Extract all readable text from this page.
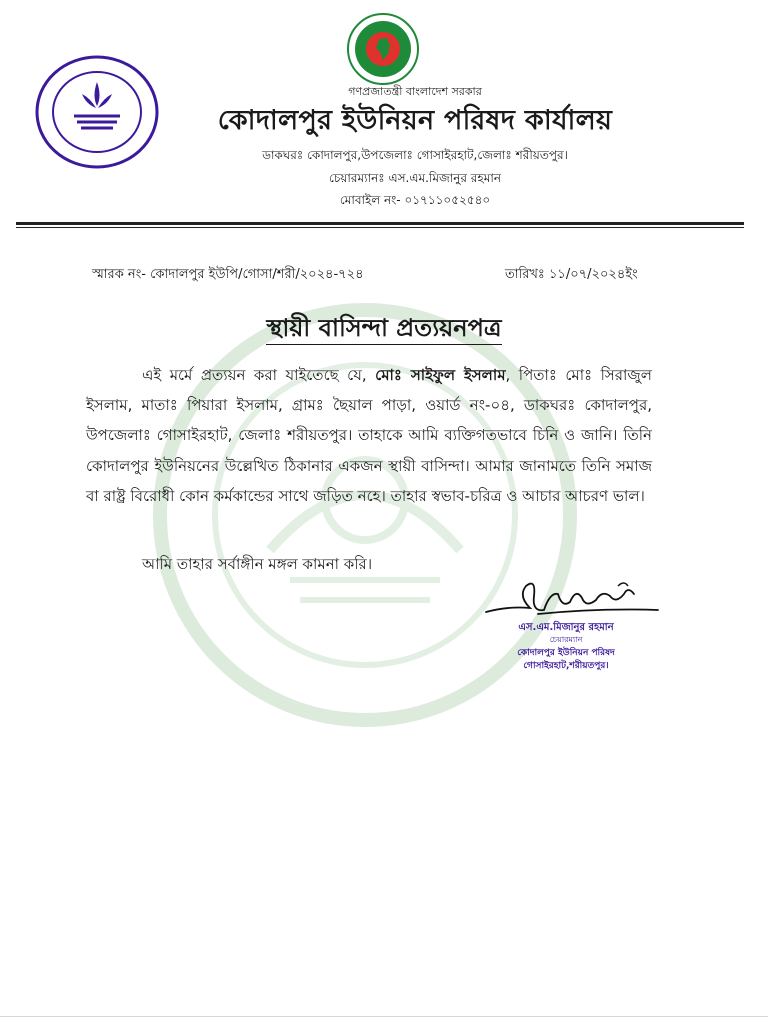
গণপ্রজাতন্ত্রী বাংলাদেশ সরকার
কোদালপুর ইউনিয়ন পরিষদ কার্যালয়
ডাকঘরঃ কোদালপুর,উপজেলাঃ গোসাইরহাট,জেলাঃ শরীয়তপুর।
চেয়ারম্যানঃ এস.এম.মিজানুর রহমান
মোবাইল নং- ০১৭১১০৫২৫৪০
স্মারক নং- কোদালপুর ইউপি/গোসা/শরী/২০২৪-৭২৪	তারিখঃ ১১/০৭/২০২৪ইং
স্থায়ী বাসিন্দা প্রত্যয়নপত্র
এই মর্মে প্রত্যয়ন করা যাইতেছে যে, মোঃ সাইফুল ইসলাম, পিতাঃ মোঃ সিরাজুল ইসলাম, মাতাঃ পিয়ারা ইসলাম, গ্রামঃ ছৈয়াল পাড়া, ওয়ার্ড নং-০৪, ডাকঘরঃ কোদালপুর, উপজেলাঃ গোসাইরহাট, জেলাঃ শরীয়তপুর। তাহাকে আমি ব্যক্তিগতভাবে চিনি ও জানি। তিনি কোদালপুর ইউনিয়নের উল্লেখিত ঠিকানার একজন স্থায়ী বাসিন্দা। আমার জানামতে তিনি সমাজ বা রাষ্ট্র বিরোধী কোন কর্মকান্ডের সাথে জড়িত নহে। তাহার স্বভাব-চরিত্র ও আচার আচরণ ভাল।
আমি তাহার সর্বাঙ্গীন মঙ্গল কামনা করি।
এস.এম.মিজানুর রহমান
চেয়ারম্যান
কোদালপুর ইউনিয়ন পরিষদ
গোসাইরহাট,শরীয়তপুর।
